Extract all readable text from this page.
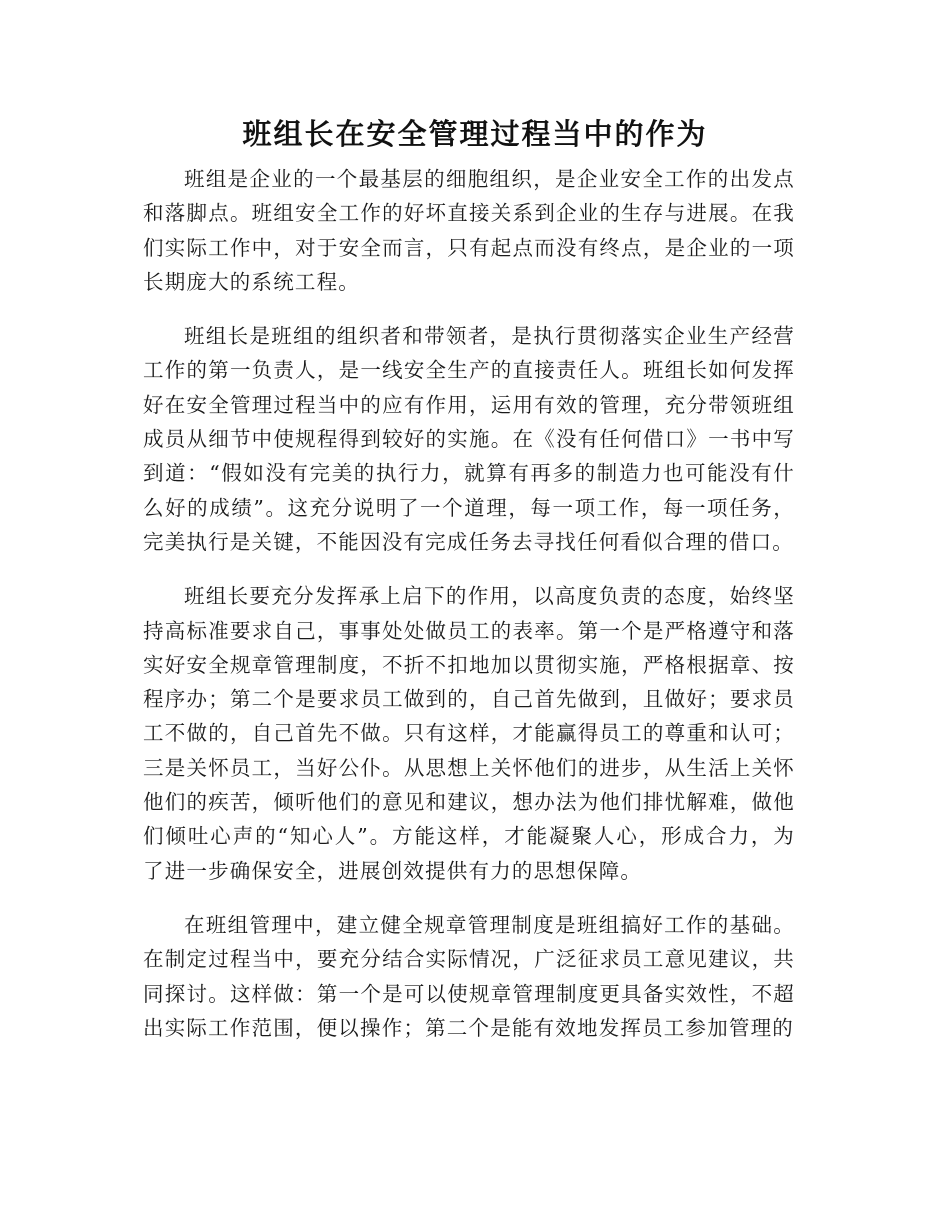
班组长在安全管理过程当中的作为

班组是企业的一个最基层的细胞组织，是企业安全工作的出发点和落脚点。班组安全工作的好坏直接关系到企业的生存与进展。在我们实际工作中，对于安全而言，只有起点而没有终点，是企业的一项长期庞大的系统工程。

班组长是班组的组织者和带领者，是执行贯彻落实企业生产经营工作的第一负责人，是一线安全生产的直接责任人。班组长如何发挥好在安全管理过程当中的应有作用，运用有效的管理，充分带领班组成员从细节中使规程得到较好的实施。在《没有任何借口》一书中写到道：“假如没有完美的执行力，就算有再多的制造力也可能没有什么好的成绩”。这充分说明了一个道理，每一项工作，每一项任务，完美执行是关键，不能因没有完成任务去寻找任何看似合理的借口。

班组长要充分发挥承上启下的作用，以高度负责的态度，始终坚持高标准要求自己，事事处处做员工的表率。第一个是严格遵守和落实好安全规章管理制度，不折不扣地加以贯彻实施，严格根据章、按程序办；第二个是要求员工做到的，自己首先做到，且做好；要求员工不做的，自己首先不做。只有这样，才能赢得员工的尊重和认可；三是关怀员工，当好公仆。从思想上关怀他们的进步，从生活上关怀他们的疾苦，倾听他们的意见和建议，想办法为他们排忧解难，做他们倾吐心声的“知心人”。方能这样，才能凝聚人心，形成合力，为了进一步确保安全，进展创效提供有力的思想保障。

在班组管理中，建立健全规章管理制度是班组搞好工作的基础。在制定过程当中，要充分结合实际情况，广泛征求员工意见建议，共同探讨。这样做：第一个是可以使规章管理制度更具备实效性，不超出实际工作范围，便以操作；第二个是能有效地发挥员工参加管理的
